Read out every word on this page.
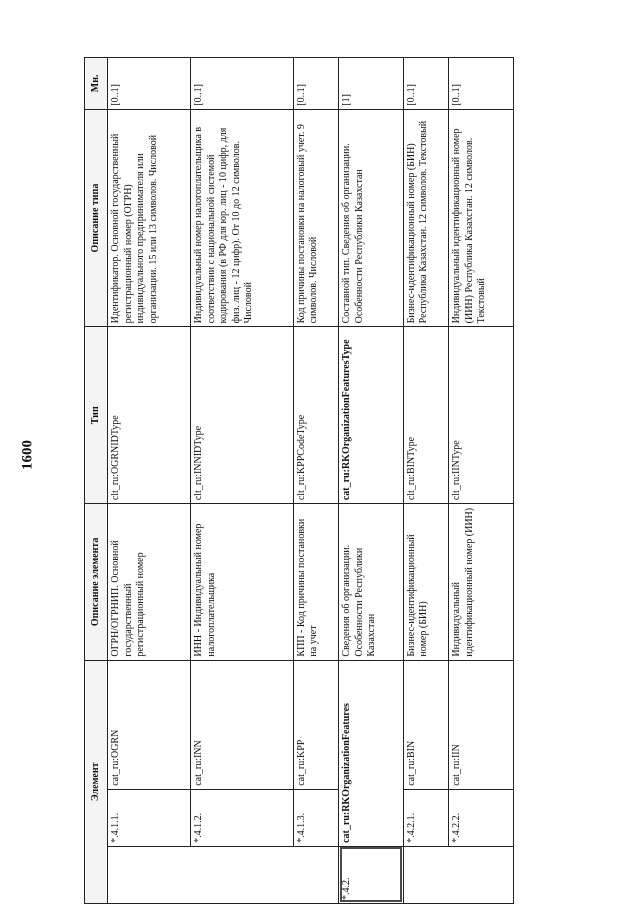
1600
Элемент			Описание элемента	Тип	Описание типа	Мн.
	*.4.1.1.	cat_ru:OGRN	ОГРН/ОГРНИП. Основной государственный регистрационный номер	clt_ru:OGRNIDType	Идентификатор. Основной государственный регистрационный номер (ОГРН) индивидуального предпринимателя или организации. 15 или 13 символов. Числовой	[0..1]
	*.4.1.2.	cat_ru:INN	ИНН - Индивидуальный номер налогоплательщика	clt_ru:INNIDType	Индивидуальный номер налогоплательщика в соответствии с национальной системой кодирования (в РФ для юр. лиц - 10 цифр, для физ. лиц - 12 цифр). От 10 до 12 символов. Числовой	[0..1]
	*.4.1.3.	cat_ru:KPP	КПП - Код причины постановки на учет	clt_ru:KPPCodeType	Код причины постановки на налоговый учет. 9 символов. Числовой	[0..1]
*.4.2.	cat_ru:RKOrganizationFeatures		Сведения об организации. Особенности Республики Казахстан	cat_ru:RKOrganizationFeaturesType	Составной тип. Сведения об организации. Особенности Республики Казахстан	[1]
	*.4.2.1.	cat_ru:BIN	Бизнес-идентификационный номер (БИН)	clt_ru:BINType	Бизнес-идентификационный номер (БИН) Республика Казахстан. 12 символов. Текстовый	[0..1]
	*.4.2.2.	cat_ru:IIN	Индивидуальный идентификационный номер (ИИН)	clt_ru:IINType	Индивидуальный идентификационный номер (ИИН) Республика Казахстан. 12 символов. Текстовый	[0..1]
